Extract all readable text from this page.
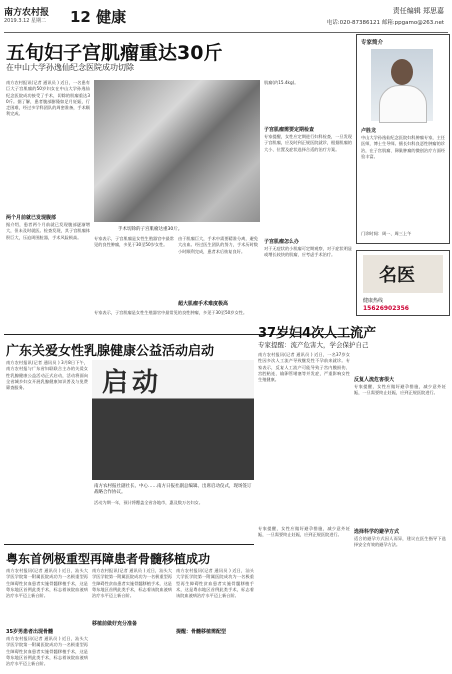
南方农村报
2019.3.12 星期二 12 健康	责任编辑 郑思嘉
电话:020-87386121 邮箱:ppgamo@263.net
五旬妇子宫肌瘤重达30斤
在中山大学孙逸仙纪念医院成功切除
南方农村报讯(记者 通讯员 ) 近日，一名患有巨大子宫肌瘤的50岁妇女在中山大学孙逸仙纪念医院成功接受了手术，切除的肌瘤重达30斤。据了解，患者腹部膨隆如足月妊娠，行走困难，经过多学科团队的周密准备，手术顺利完成。
两个月前就已发现腹部
据介绍，患者两个月前就已发现腹部逐渐增大，但未及时就医。检查发现，其子宫肌瘤体积巨大，压迫周围脏器，手术风险极高。
手术切除的子宫肌瘤达重30斤。
专家表示，子宫肌瘤是女性生殖器官中最常见的良性肿瘤，多见于30至50岁女性。
超大肌瘤手术难度极高
由于肌瘤巨大，手术中需要精准分离，避免大出血。经过医生团队的努力，手术历时数小时顺利完成，患者术后恢复良好。
专家表示，子宫肌瘤是女性生殖器官中最常见的良性肿瘤，多见于30至50岁女性。
肌瘤(约15.4kg)。
子宫肌瘤需要定期检查
专家提醒，女性应定期进行妇科检查，一旦发现子宫肌瘤，应及时到正规医院就诊，根据肌瘤的大小、位置及症状选择合适的治疗方案。
子宫肌瘤怎么办
对于无症状的小肌瘤可定期观察，对于症状明显或增长较快的肌瘤，应考虑手术治疗。
专家简介
卢胜龙
中山大学孙逸仙纪念医院妇科肿瘤专家，主任医师，博士生导师。擅长妇科良恶性肿瘤的诊治，在子宫肌瘤、卵巢肿瘤的微创治疗方面经验丰富。
门诊时间：周一、周三上午
名医
健康热线
15626902356
广东关爱女性乳腺健康公益活动启动
南方农村报讯(记者 通讯员 ) 3月8日下午，南方农村报与广东省妇联联合主办的关爱女性乳腺健康公益活动正式启动，活动将面向全省城乡妇女开展乳腺健康知识普及与免费筛查服务。	启动
南方农村报社副社长、中心……南方日报社副总编辑、出席启动仪式，现场签订战略合作协议。
活动为期一年，预计将覆盖全省各地市，惠及数万名妇女。
37岁妇4次人工流产
专家提醒：流产危害大，学会保护自己
南方农村报讯(记者 通讯员 ) 近日，一名37岁女性因多次人工流产导致继发性不孕前来就诊。专家表示，反复人工流产可能导致子宫内膜损伤、宫腔粘连、输卵管堵塞等并发症，严重影响女性生殖健康。	反复人流危害很大
专家提醒，女性应做好避孕措施，减少意外妊娠，一旦需要终止妊娠，应到正规医院进行。
选择科学的避孕方式
适合的避孕方式因人而异，建议在医生指导下选择安全有效的避孕方法。
专家提醒，女性应做好避孕措施，减少意外妊娠，一旦需要终止妊娠，应到正规医院进行。
粤东首例极重型再障患者骨髓移植成功
南方农村报讯(记者 通讯员 ) 近日，汕头大学医学院第一附属医院成功为一名极重型再生障碍性贫血患者实施骨髓移植手术，这是粤东地区首例此类手术，标志着该院血液病治疗水平迈上新台阶。
35岁男患者出现骨髓
南方农村报讯(记者 通讯员 ) 近日，汕头大学医学院第一附属医院成功为一名极重型再生障碍性贫血患者实施骨髓移植手术，这是粤东地区首例此类手术，标志着该院血液病治疗水平迈上新台阶。
南方农村报讯(记者 通讯员 ) 近日，汕头大学医学院第一附属医院成功为一名极重型再生障碍性贫血患者实施骨髓移植手术，这是粤东地区首例此类手术，标志着该院血液病治疗水平迈上新台阶。
移植前做好充分准备
南方农村报讯(记者 通讯员 ) 近日，汕头大学医学院第一附属医院成功为一名极重型再生障碍性贫血患者实施骨髓移植手术，这是粤东地区首例此类手术，标志着该院血液病治疗水平迈上新台阶。
提醒：骨髓移植需配型
